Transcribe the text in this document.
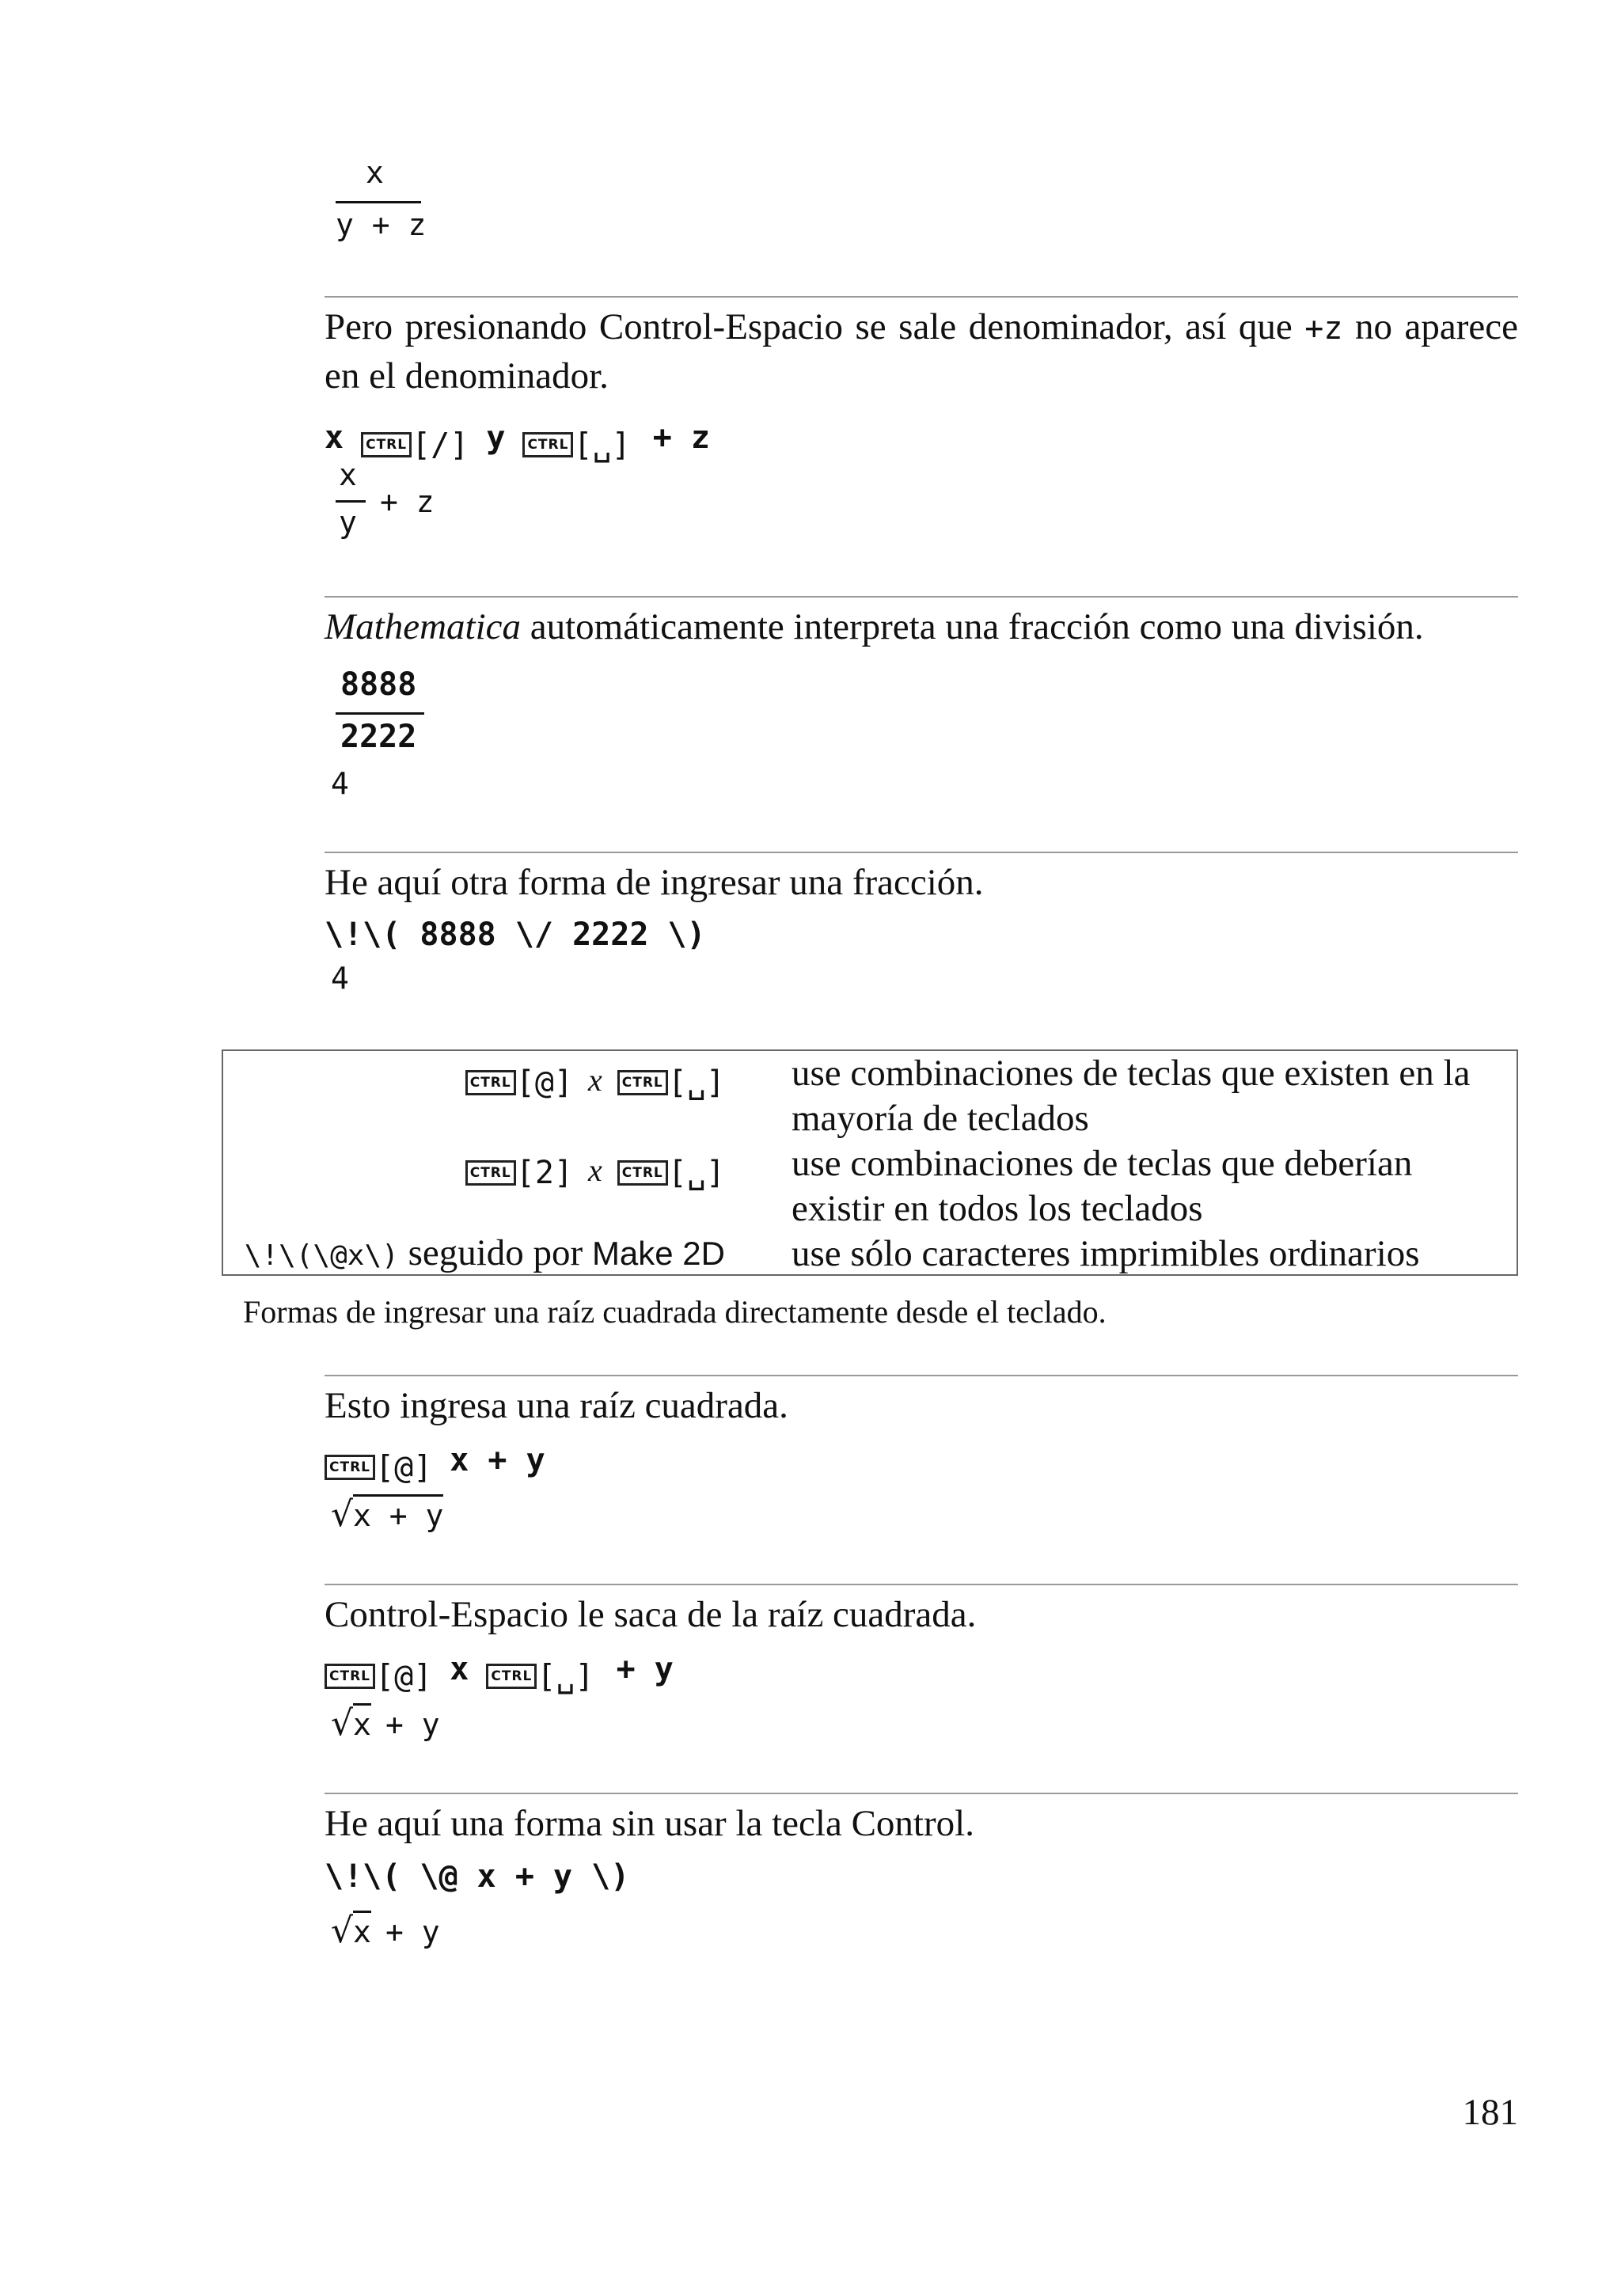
x
y + z
Pero presionando Control-Espacio se sale denominador, así que +z no aparece en el denominador.
x CTRL [/] y CTRL [␣] + z
x
y
+ z
Mathematica automáticamente interpreta una fracción como una división.
8888
2222
4
He aquí otra forma de ingresar una fracción.
\!\( 8888 \/ 2222 \)
4
CTRL [@] x CTRL [␣] use combinaciones de teclas que existen en la mayoría de teclados
CTRL [2] x CTRL [␣] use combinaciones de teclas que deberían existir en todos los teclados
\!\(\@x\) seguido por Make 2D use sólo caracteres imprimibles ordinarios
Formas de ingresar una raíz cuadrada directamente desde el teclado.
Esto ingresa una raíz cuadrada.
CTRL [@] x + y
√x + y
Control-Espacio le saca de la raíz cuadrada.
CTRL [@] x CTRL [␣] + y
√x + y
He aquí una forma sin usar la tecla Control.
\!\( \@ x + y \)
√x + y
181
